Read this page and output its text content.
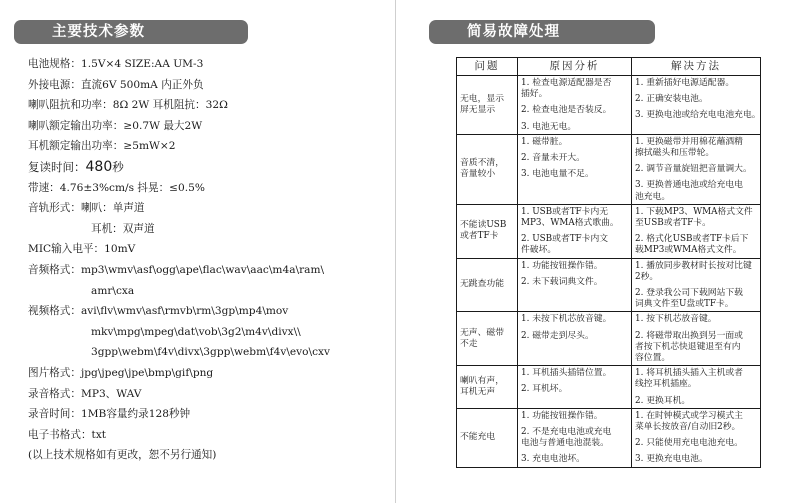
主要技术参数
电池规格：1.5V×4 SIZE:AA UM-3
外接电源：直流6V 500mA 内正外负
喇叭阻抗和功率：8Ω 2W 耳机阻抗：32Ω
喇叭额定输出功率：≥0.7W 最大2W
耳机额定输出功率：≥5mW×2
复读时间：480秒
带速：4.76±3%cm/s 抖晃：≤0.5%
音轨形式：喇叭：单声道
耳机：双声道
MIC输入电平：10mV
音频格式：mp3\wmv\asf\ogg\ape\flac\wav\aac\m4a\ram\
amr\cxa
视频格式：avi\flv\wmv\asf\rmvb\rm\3gp\mp4\mov
mkv\mpg\mpeg\dat\vob\3g2\m4v\divx\\
3gpp\webm\f4v\divx\3gpp\webm\f4v\evo\cxv
图片格式：jpg\jpeg\jpe\bmp\gif\png
录音格式：MP3、WAV
录音时间：1MB容量约录128秒钟
电子书格式：txt
(以上技术规格如有更改，恕不另行通知)
简易故障处理
问题	原因分析	解决方法

无电，显示
屏无显示	1. 检查电源适配器是否
插好。
2. 检查电池是否装反。
3. 电池无电。	1. 重新插好电源适配器。
2. 正确安装电池。
3. 更换电池或给充电电池充电。

音质不清，
音量较小	1. 磁带脏。
2. 音量未开大。
3. 电池电量不足。	1. 更换磁带并用棉花蘸酒精
擦拭磁头和压带轮。
2. 调节音量旋钮把音量调大。
3. 更换普通电池或给充电电
池充电。

不能读USB
或者TF卡	1. USB或者TF卡内无
MP3、WMA格式歌曲。
2. USB或者TF卡内文
件破坏。	1. 下载MP3、WMA格式文件
至USB或者TF卡。
2. 格式化USB或者TF卡后下
载MP3或WMA格式文件。

无跳查功能	1. 功能按钮操作错。
2. 未下载词典文件。	1. 播放同步教材时长按对比键
2秒。
2. 登录我公司下载网站下载
词典文件至U盘或TF卡。

无声、磁带
不走	1. 未按下机芯放音键。
2. 磁带走到尽头。	1. 按下机芯放音键。
2. 将磁带取出换到另一面或
者按下机芯快退键退至有内
容位置。

喇叭有声，
耳机无声	1. 耳机插头插错位置。
2. 耳机坏。	1. 将耳机插头插入主机或者
线控耳机插座。
2. 更换耳机。

不能充电	1. 功能按钮操作错。
2. 不是充电电池或充电
电池与普通电池混装。
3. 充电电池坏。	1. 在时钟模式或学习模式主
菜单长按放音/自动旧2秒。
2. 只能使用充电电池充电。
3. 更换充电电池。
